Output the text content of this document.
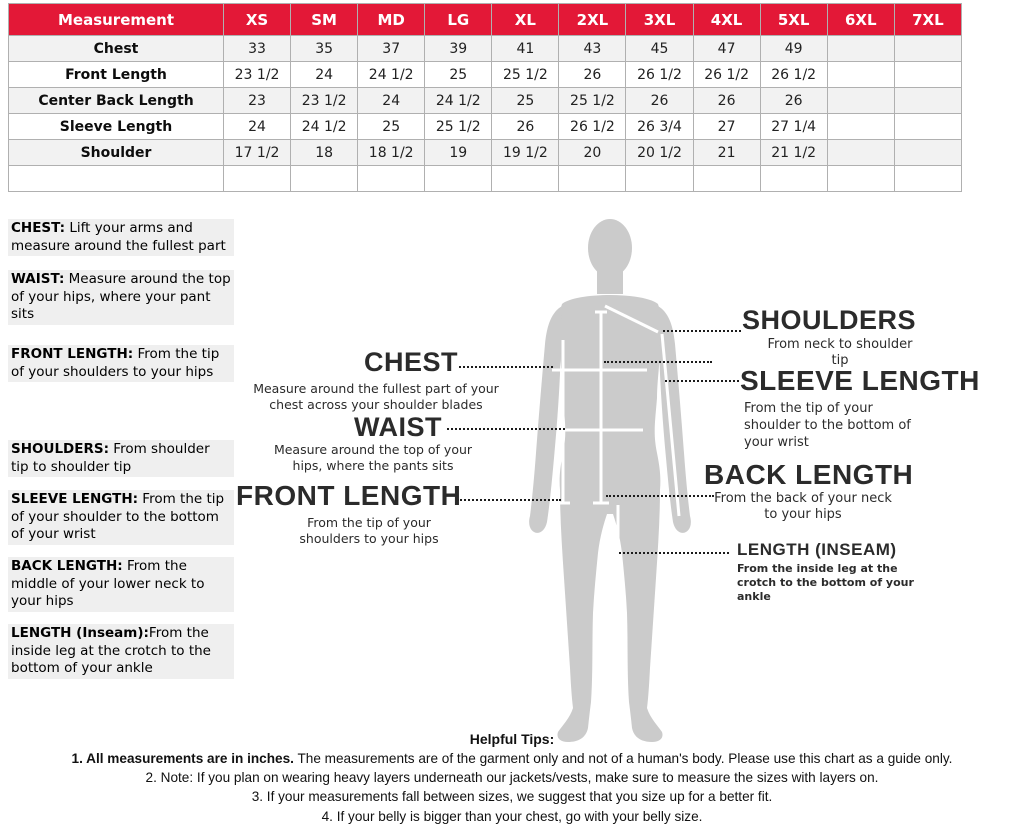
Measurement	XS	SM	MD	LG	XL	2XL	3XL	4XL	5XL	6XL	7XL
Chest	33	35	37	39	41	43	45	47	49		
Front Length	23 1/2	24	24 1/2	25	25 1/2	26	26 1/2	26 1/2	26 1/2		
Center Back Length	23	23 1/2	24	24 1/2	25	25 1/2	26	26	26		
Sleeve Length	24	24 1/2	25	25 1/2	26	26 1/2	26 3/4	27	27 1/4		
Shoulder	17 1/2	18	18 1/2	19	19 1/2	20	20 1/2	21	21 1/2		

CHEST: Lift your arms and measure around the fullest part
WAIST: Measure around the top of your hips, where your pant sits
FRONT LENGTH: From the tip of your shoulders to your hips
SHOULDERS: From shoulder tip to shoulder tip
SLEEVE LENGTH: From the tip of your shoulder to the bottom of your wrist
BACK LENGTH: From the middle of your lower neck to your hips
LENGTH (Inseam):From the inside leg at the crotch to the bottom of your ankle
CHEST
Measure around the fullest part of your chest across your shoulder blades
WAIST
Measure around the top of your hips, where the pants sits
FRONT LENGTH
From the tip of your shoulders to your hips
SHOULDERS
From neck to shoulder tip
SLEEVE LENGTH
From the tip of your shoulder to the bottom of your wrist
BACK LENGTH
From the back of your neck to your hips
LENGTH (INSEAM)
From the inside leg at the crotch to the bottom of your ankle
Helpful Tips:
1. All measurements are in inches. The measurements are of the garment only and not of a human's body. Please use this chart as a guide only.
2. Note: If you plan on wearing heavy layers underneath our jackets/vests, make sure to measure the sizes with layers on.
3. If your measurements fall between sizes, we suggest that you size up for a better fit.
4. If your belly is bigger than your chest, go with your belly size.
